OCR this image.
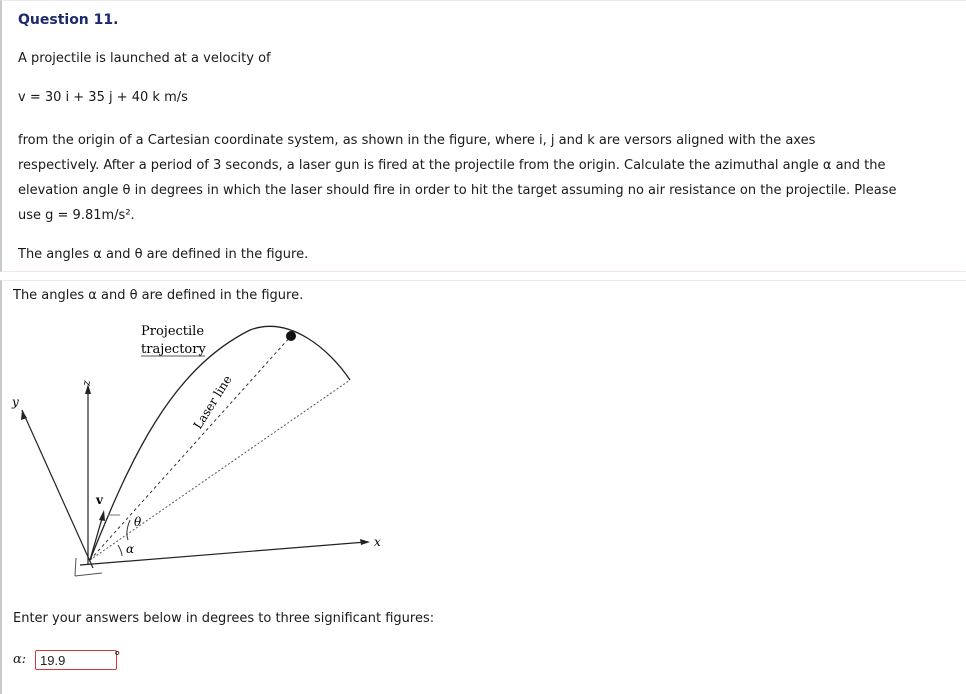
Question 11.
A projectile is launched at a velocity of
v = 30 i + 35 j + 40 k m/s
from the origin of a Cartesian coordinate system, as shown in the figure, where i, j and k are versors aligned with the axes
respectively. After a period of 3 seconds, a laser gun is fired at the projectile from the origin. Calculate the azimuthal angle α and the
elevation angle θ in degrees in which the laser should fire in order to hit the target assuming no air resistance on the projectile. Please
use g = 9.81m/s².
The angles α and θ are defined in the figure.
The angles α and θ are defined in the figure.
y
z
x
v
θ
α
Projectile
trajectory
Laser line
Enter your answers below in degrees to three significant figures:
α:
19.9	°
